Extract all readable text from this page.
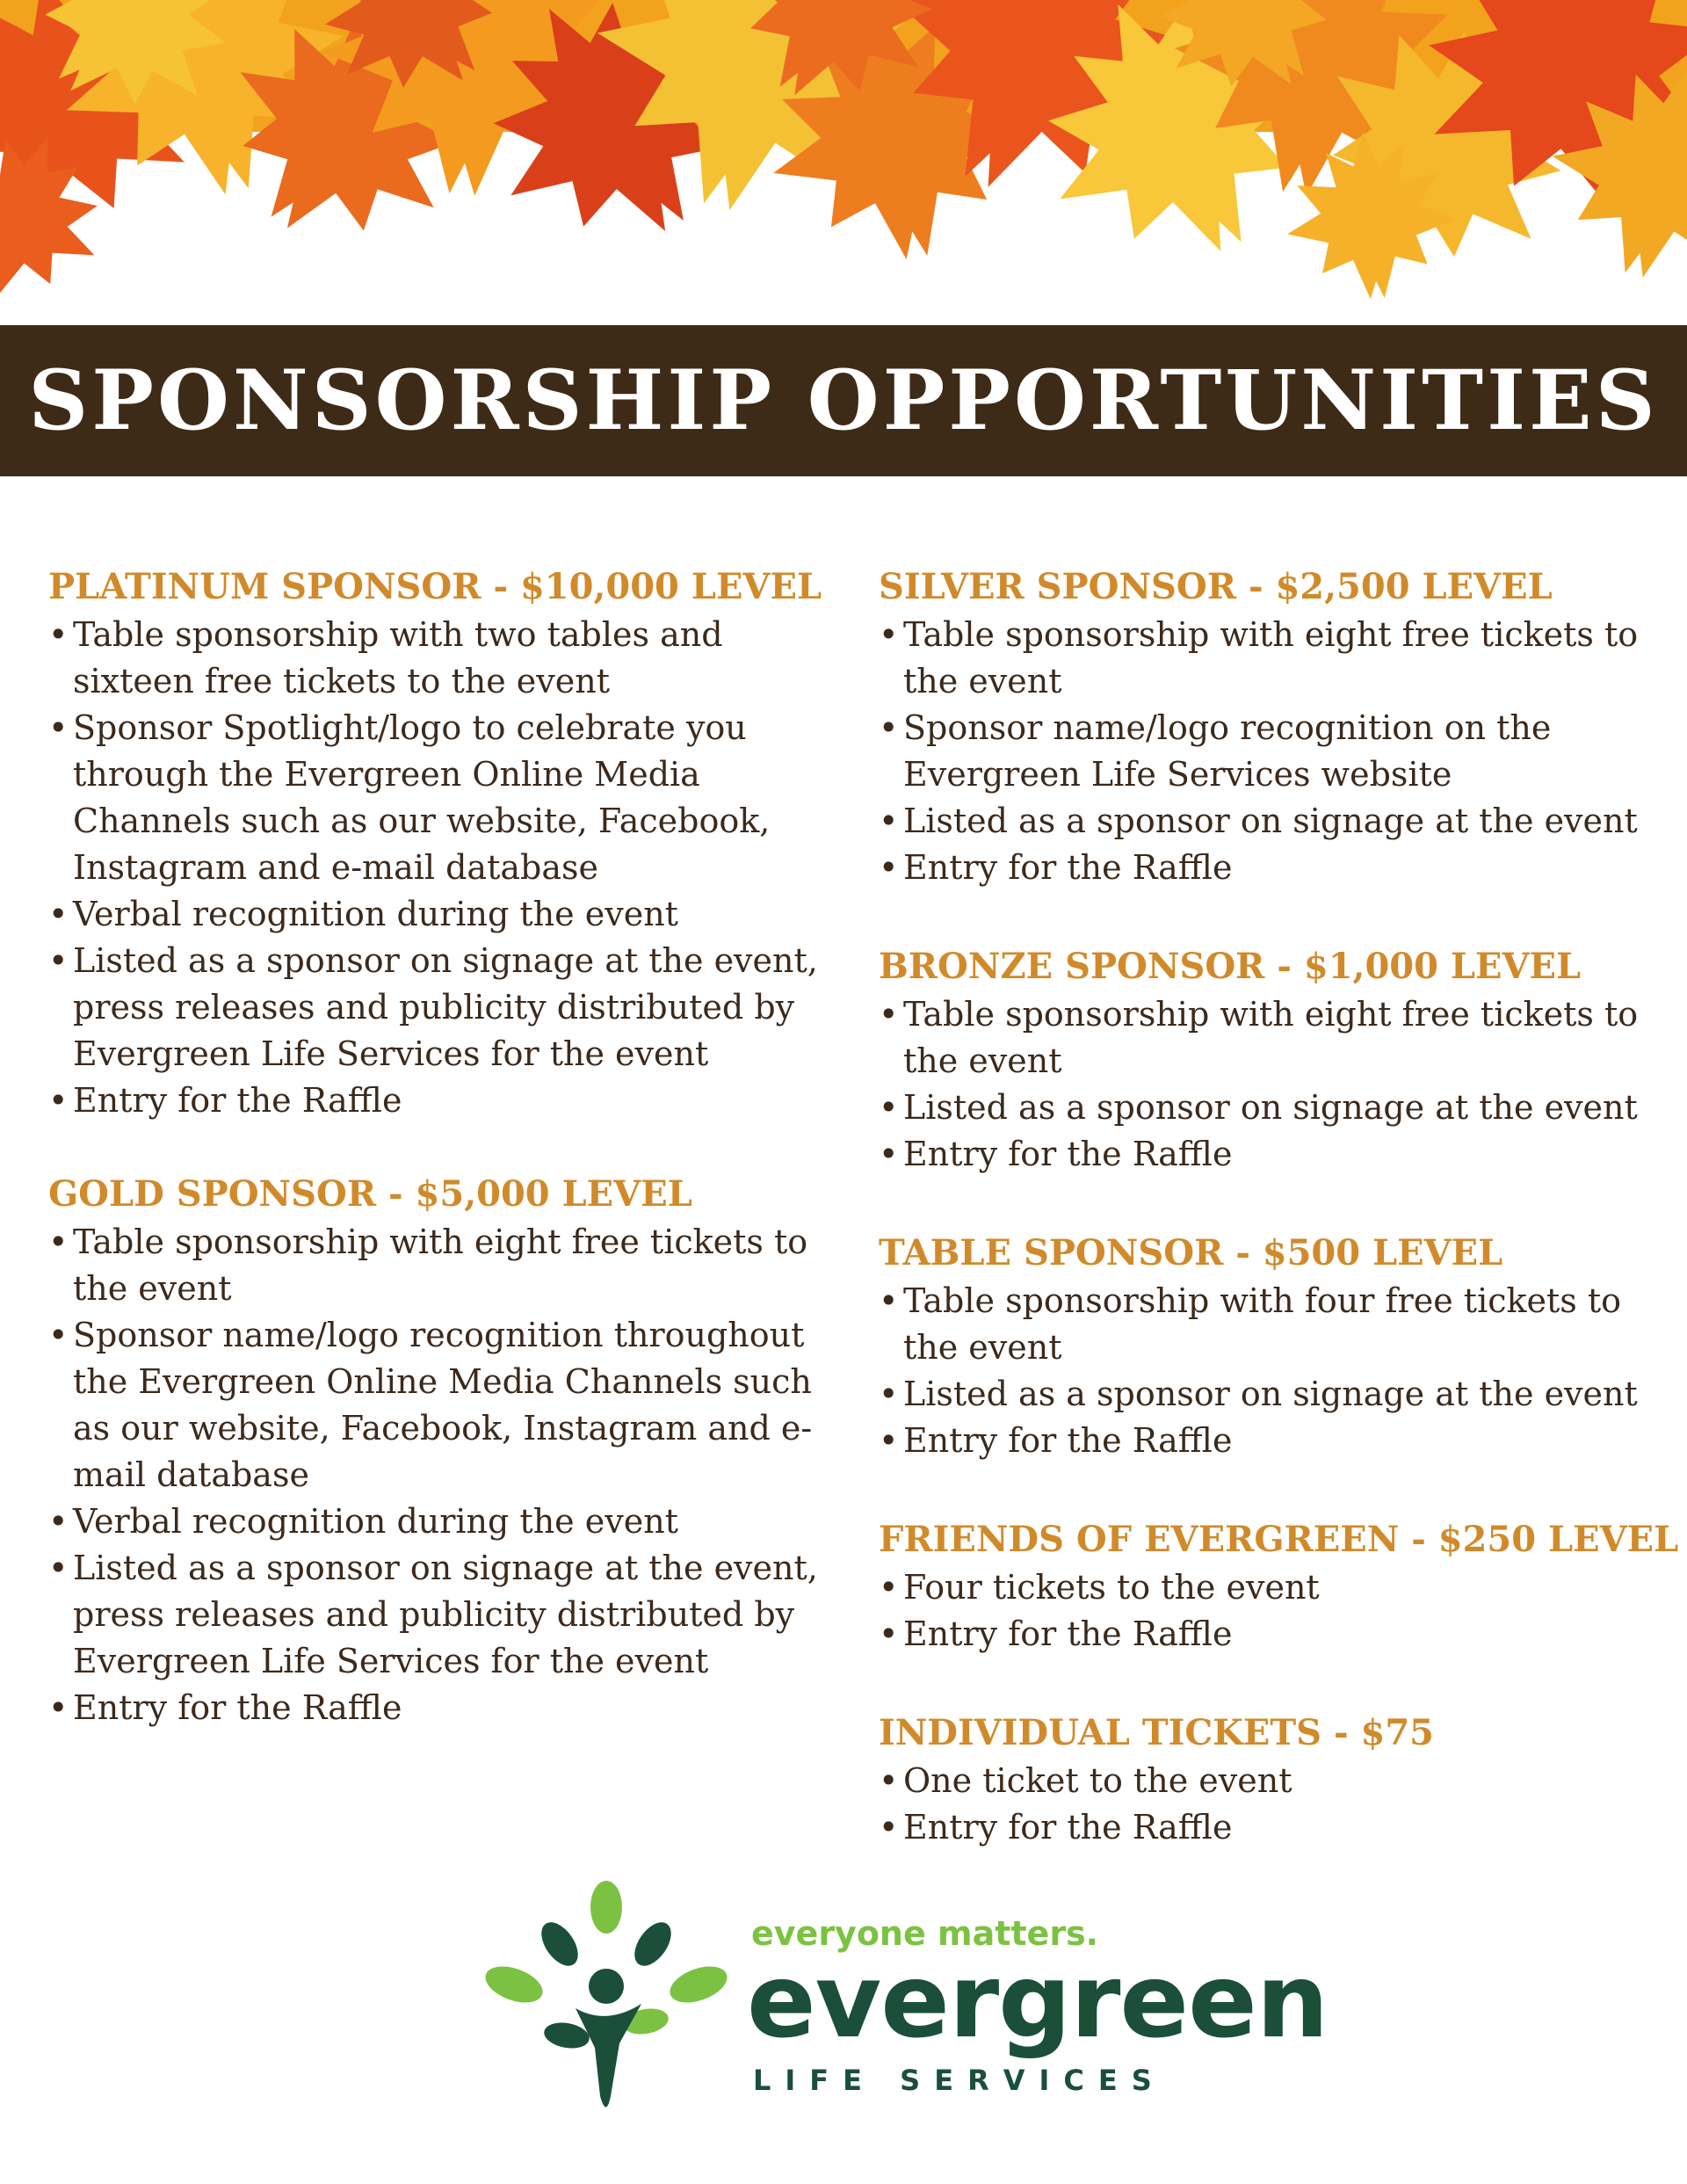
SPONSORSHIP OPPORTUNITIES
PLATINUM SPONSOR - $10,000 LEVEL
• Table sponsorship with two tables and sixteen free tickets to the event
• Sponsor Spotlight/logo to celebrate you through the Evergreen Online Media Channels such as our website, Facebook, Instagram and e-mail database
• Verbal recognition during the event
• Listed as a sponsor on signage at the event, press releases and publicity distributed by Evergreen Life Services for the event
• Entry for the Raffle
GOLD SPONSOR - $5,000 LEVEL
• Table sponsorship with eight free tickets to the event
• Sponsor name/logo recognition throughout the Evergreen Online Media Channels such as our website, Facebook, Instagram and e-mail database
• Verbal recognition during the event
• Listed as a sponsor on signage at the event, press releases and publicity distributed by Evergreen Life Services for the event
• Entry for the Raffle
SILVER SPONSOR - $2,500 LEVEL
• Table sponsorship with eight free tickets to the event
• Sponsor name/logo recognition on the Evergreen Life Services website
• Listed as a sponsor on signage at the event
• Entry for the Raffle
BRONZE SPONSOR - $1,000 LEVEL
• Table sponsorship with eight free tickets to the event
• Listed as a sponsor on signage at the event
• Entry for the Raffle
TABLE SPONSOR - $500 LEVEL
• Table sponsorship with four free tickets to the event
• Listed as a sponsor on signage at the event
• Entry for the Raffle
FRIENDS OF EVERGREEN - $250 LEVEL
• Four tickets to the event
• Entry for the Raffle
INDIVIDUAL TICKETS - $75
• One ticket to the event
• Entry for the Raffle
everyone matters.
evergreen
LIFE SERVICES
